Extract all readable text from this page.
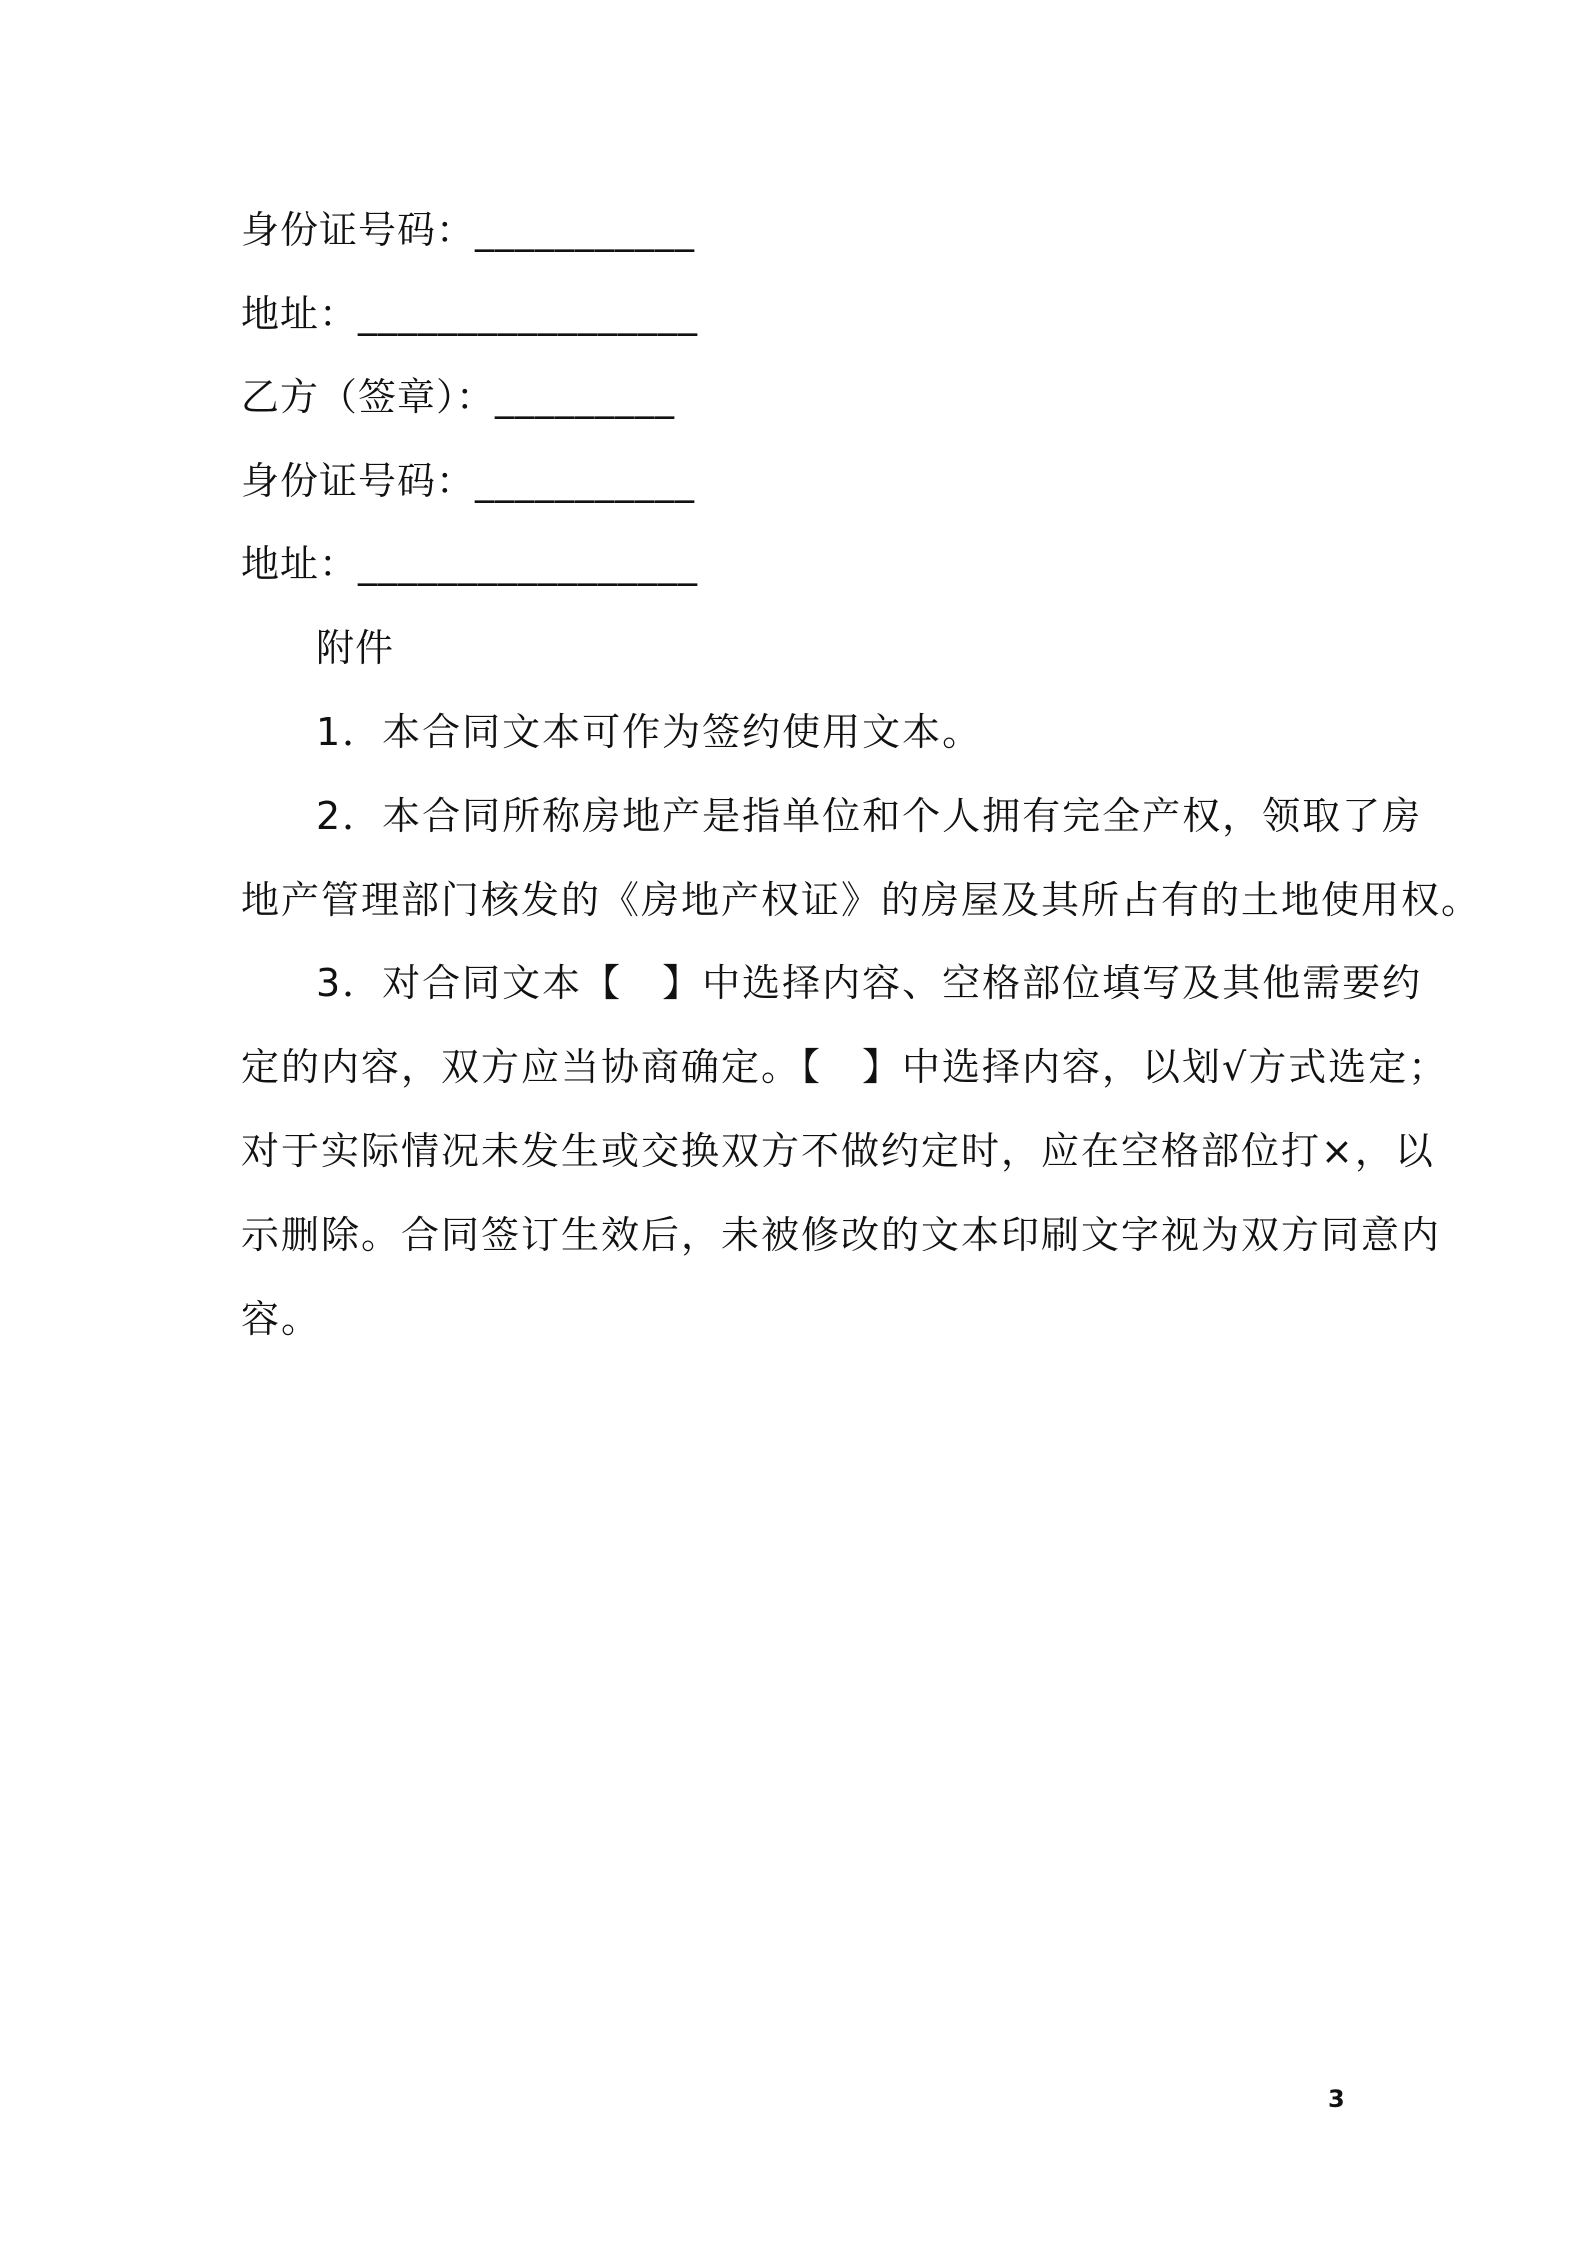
身份证号码：___________
地址：_________________
乙方（签章）：_________
身份证号码：___________
地址：_________________
附件
1．本合同文本可作为签约使用文本。
2．本合同所称房地产是指单位和个人拥有完全产权，领取了房
地产管理部门核发的《房地产权证》的房屋及其所占有的土地使用权。
3．对合同文本【　】中选择内容、空格部位填写及其他需要约
定的内容，双方应当协商确定。【　】中选择内容，以划√方式选定；
对于实际情况未发生或交换双方不做约定时，应在空格部位打×，以
示删除。合同签订生效后，未被修改的文本印刷文字视为双方同意内
容。
3
